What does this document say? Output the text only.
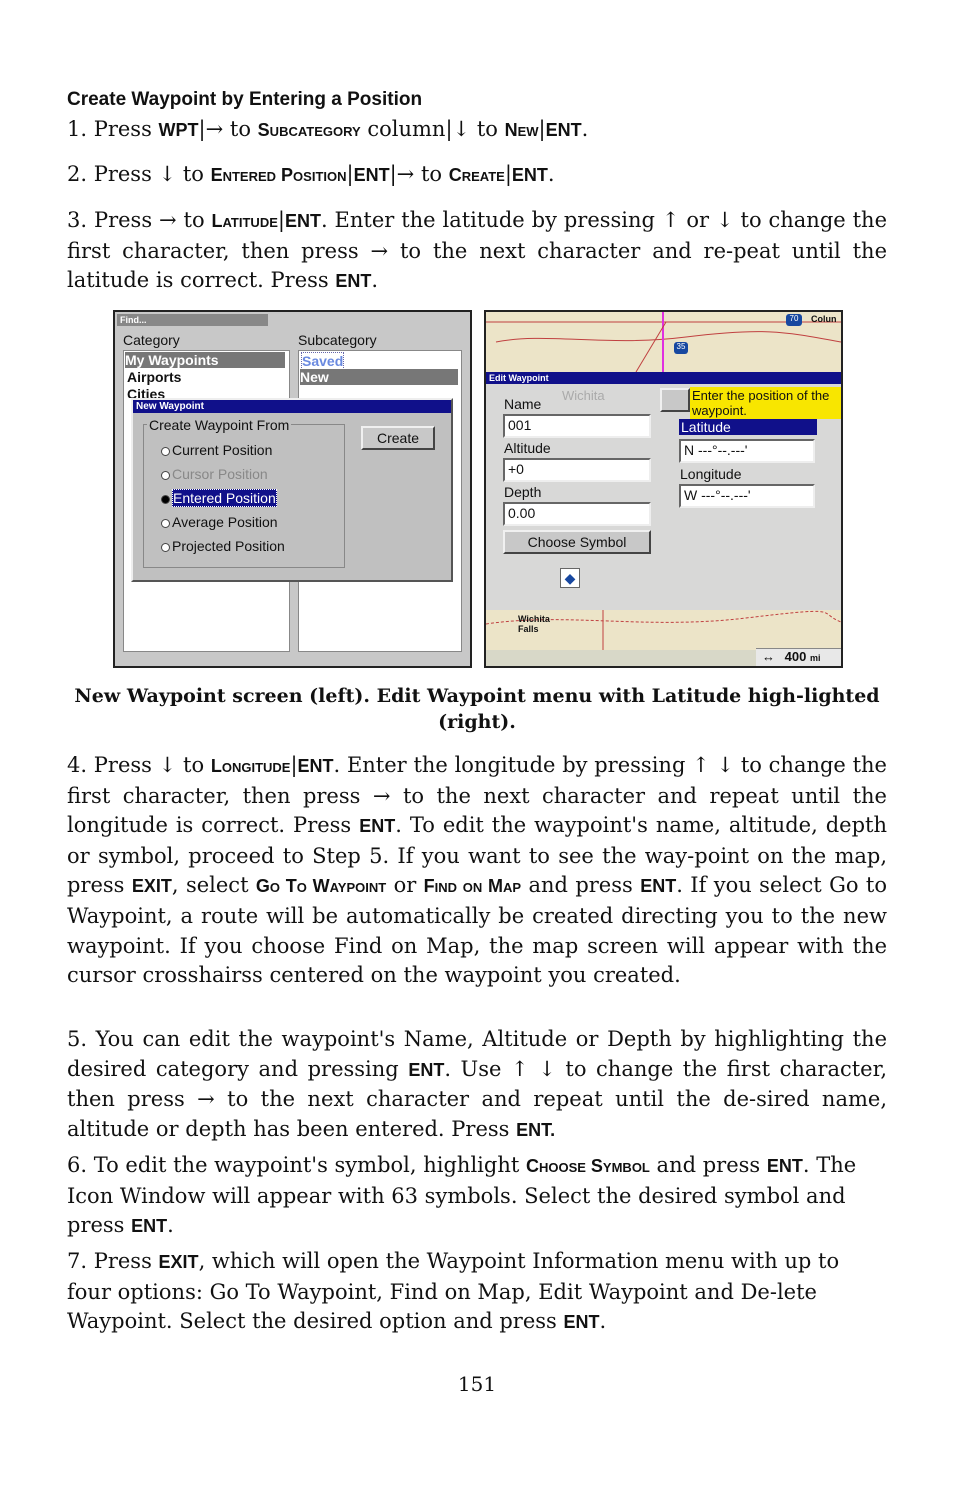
Create Waypoint by Entering a Position
1. Press WPT|→ to Subcategory column|↓ to New|ENT.
2. Press ↓ to Entered Position|ENT|→ to Create|ENT.
3. Press → to Latitude|ENT. Enter the latitude by pressing ↑ or ↓ to change the first character, then press → to the next character and re-peat until the latitude is correct. Press ENT.
Find...
Category	Subcategory
My Waypoints
Airports
Cities
Saved
New
New Waypoint
Create Waypoint From
Current Position
Cursor Position
Entered Position
Average Position
Projected Position
Create
Colun
70
35
Edit Waypoint
Wichita	Enter the position of the waypoint.
Name
001
Altitude
+0
Depth
0.00
Choose Symbol
◆
Latitude
N ---°--.---'
Longitude
W ---°--.---'
Wichita Falls
↔ 400 mi
New Waypoint screen (left). Edit Waypoint menu with Latitude high-lighted (right).
4. Press ↓ to Longitude|ENT. Enter the longitude by pressing ↑ ↓ to change the first character, then press → to the next character and repeat until the longitude is correct. Press ENT. To edit the waypoint's name, altitude, depth or symbol, proceed to Step 5. If you want to see the way-point on the map, press EXIT, select Go To Waypoint or Find on Map and press ENT. If you select Go to Waypoint, a route will be automatically be created directing you to the new waypoint. If you choose Find on Map, the map screen will appear with the cursor crosshairss centered on the waypoint you created.
5. You can edit the waypoint's Name, Altitude or Depth by highlighting the desired category and pressing ENT. Use ↑ ↓ to change the first character, then press → to the next character and repeat until the de-sired name, altitude or depth has been entered. Press ENT.
6. To edit the waypoint's symbol, highlight Choose Symbol and press ENT. The Icon Window will appear with 63 symbols. Select the desired symbol and press ENT.
7. Press EXIT, which will open the Waypoint Information menu with up to four options: Go To Waypoint, Find on Map, Edit Waypoint and De-lete Waypoint. Select the desired option and press ENT.
151
